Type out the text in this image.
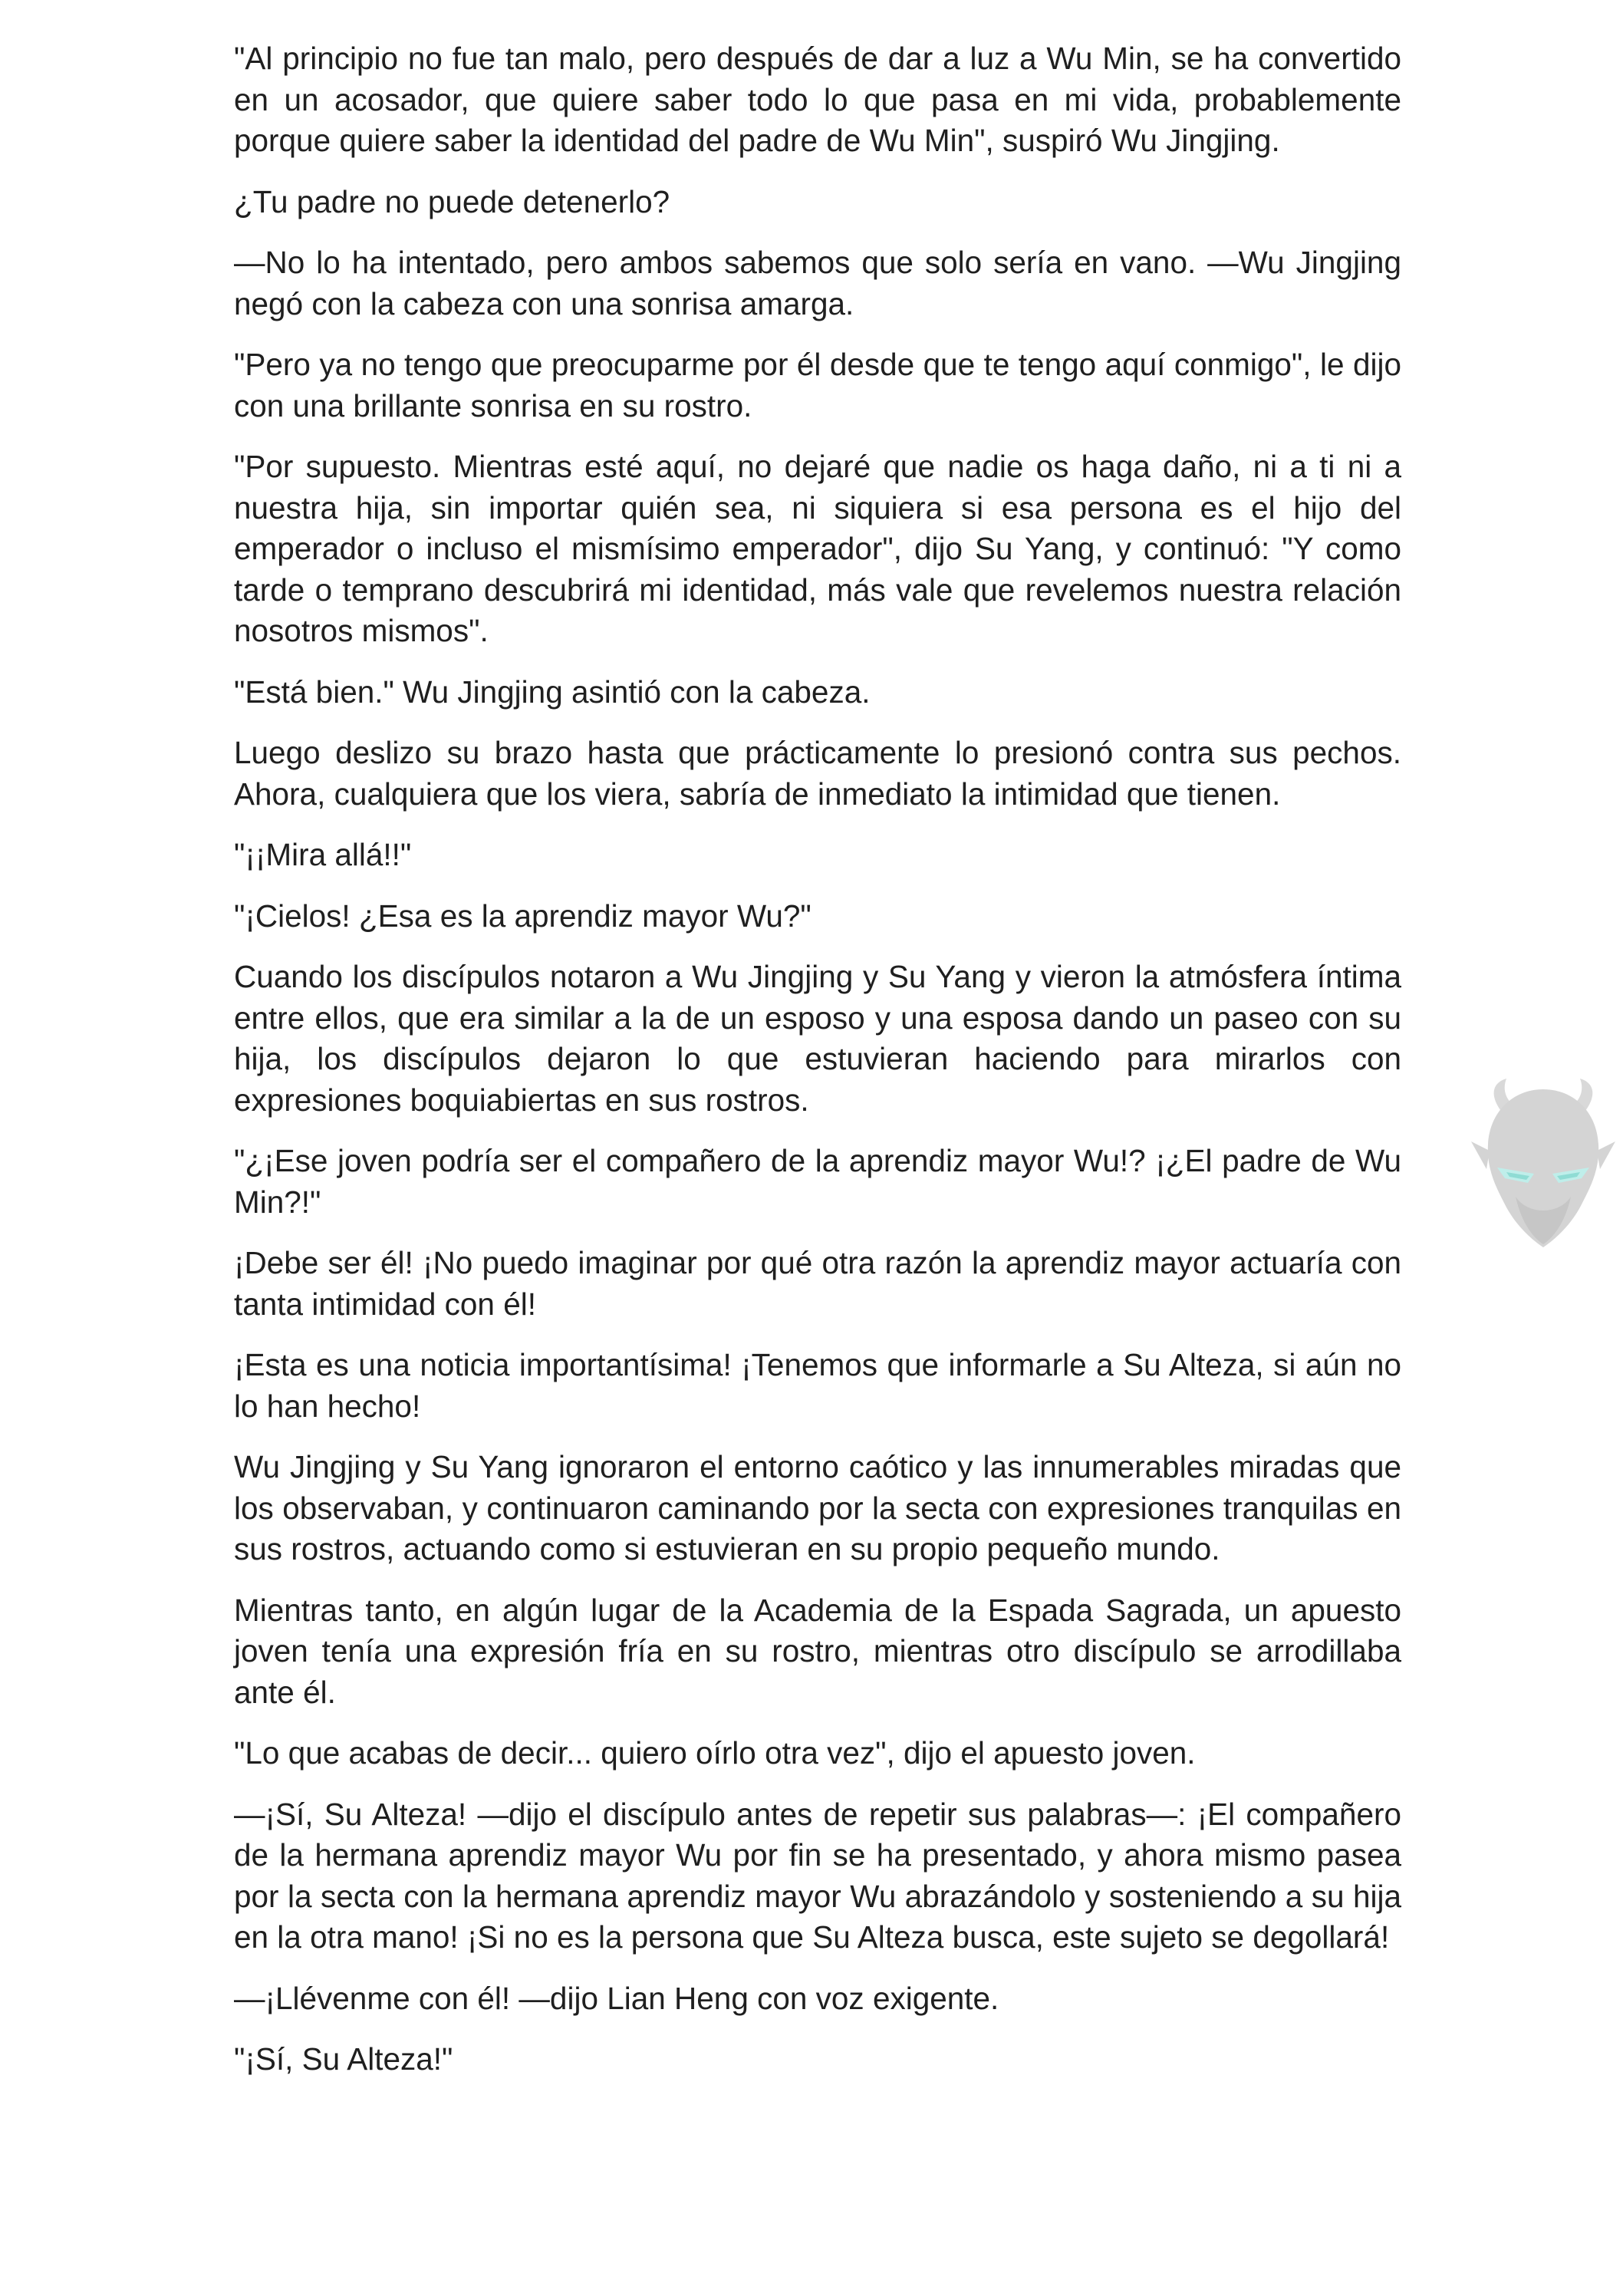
"Al principio no fue tan malo, pero después de dar a luz a Wu Min, se ha convertido en un acosador, que quiere saber todo lo que pasa en mi vida, probablemente porque quiere saber la identidad del padre de Wu Min", suspiró Wu Jingjing.

¿Tu padre no puede detenerlo?

—No lo ha intentado, pero ambos sabemos que solo sería en vano. —Wu Jingjing negó con la cabeza con una sonrisa amarga.

"Pero ya no tengo que preocuparme por él desde que te tengo aquí conmigo", le dijo con una brillante sonrisa en su rostro.

"Por supuesto. Mientras esté aquí, no dejaré que nadie os haga daño, ni a ti ni a nuestra hija, sin importar quién sea, ni siquiera si esa persona es el hijo del emperador o incluso el mismísimo emperador", dijo Su Yang, y continuó: "Y como tarde o temprano descubrirá mi identidad, más vale que revelemos nuestra relación nosotros mismos".

"Está bien." Wu Jingjing asintió con la cabeza.

Luego deslizo su brazo hasta que prácticamente lo presionó contra sus pechos. Ahora, cualquiera que los viera, sabría de inmediato la intimidad que tienen.

"¡¡Mira allá!!"

"¡Cielos! ¿Esa es la aprendiz mayor Wu?"

Cuando los discípulos notaron a Wu Jingjing y Su Yang y vieron la atmósfera íntima entre ellos, que era similar a la de un esposo y una esposa dando un paseo con su hija, los discípulos dejaron lo que estuvieran haciendo para mirarlos con expresiones boquiabiertas en sus rostros.

"¿¡Ese joven podría ser el compañero de la aprendiz mayor Wu!? ¡¿El padre de Wu Min?!"

¡Debe ser él! ¡No puedo imaginar por qué otra razón la aprendiz mayor actuaría con tanta intimidad con él!

¡Esta es una noticia importantísima! ¡Tenemos que informarle a Su Alteza, si aún no lo han hecho!

Wu Jingjing y Su Yang ignoraron el entorno caótico y las innumerables miradas que los observaban, y continuaron caminando por la secta con expresiones tranquilas en sus rostros, actuando como si estuvieran en su propio pequeño mundo.

Mientras tanto, en algún lugar de la Academia de la Espada Sagrada, un apuesto joven tenía una expresión fría en su rostro, mientras otro discípulo se arrodillaba ante él.

"Lo que acabas de decir... quiero oírlo otra vez", dijo el apuesto joven.

—¡Sí, Su Alteza! —dijo el discípulo antes de repetir sus palabras—: ¡El compañero de la hermana aprendiz mayor Wu por fin se ha presentado, y ahora mismo pasea por la secta con la hermana aprendiz mayor Wu abrazándolo y sosteniendo a su hija en la otra mano! ¡Si no es la persona que Su Alteza busca, este sujeto se degollará!

—¡Llévenme con él! —dijo Lian Heng con voz exigente.

"¡Sí, Su Alteza!"
